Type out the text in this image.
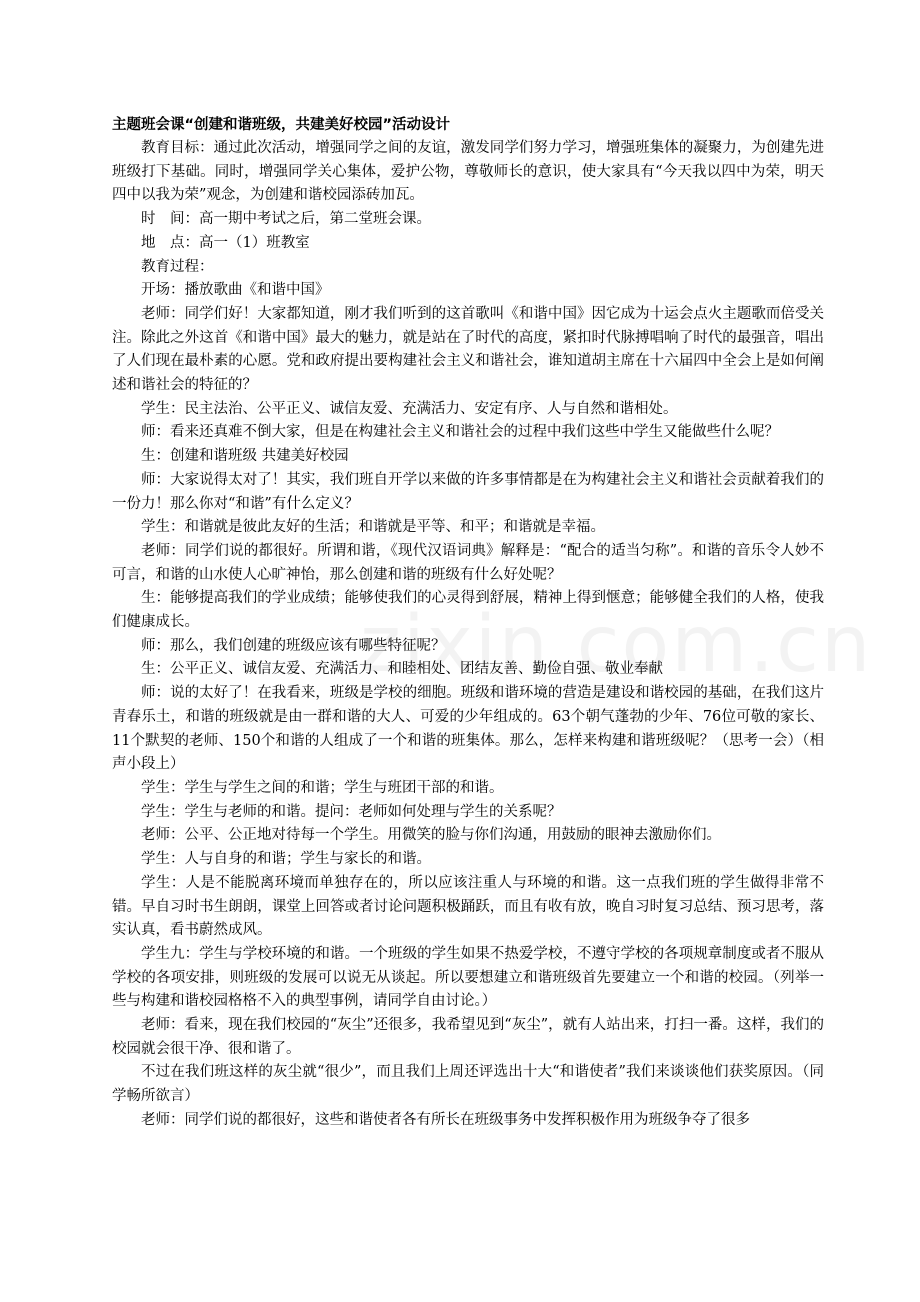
主题班会课“创建和谐班级，共建美好校园”活动设计

教育目标：通过此次活动，增强同学之间的友谊，激发同学们努力学习，增强班集体的凝聚力，为创建先进班级打下基础。同时，增强同学关心集体，爱护公物，尊敬师长的意识，使大家具有“今天我以四中为荣，明天四中以我为荣”观念，为创建和谐校园添砖加瓦。

时　间：高一期中考试之后，第二堂班会课。

地　点：高一（1）班教室

教育过程：

开场：播放歌曲《和谐中国》

老师：同学们好！大家都知道，刚才我们听到的这首歌叫《和谐中国》因它成为十运会点火主题歌而倍受关注。除此之外这首《和谐中国》最大的魅力，就是站在了时代的高度，紧扣时代脉搏唱响了时代的最强音，唱出了人们现在最朴素的心愿。党和政府提出要构建社会主义和谐社会，谁知道胡主席在十六届四中全会上是如何阐述和谐社会的特征的？

学生：民主法治、公平正义、诚信友爱、充满活力、安定有序、人与自然和谐相处。

师：看来还真难不倒大家，但是在构建社会主义和谐社会的过程中我们这些中学生又能做些什么呢？

生：创建和谐班级 共建美好校园

师：大家说得太对了！其实，我们班自开学以来做的许多事情都是在为构建社会主义和谐社会贡献着我们的一份力！那么你对“和谐”有什么定义？

学生：和谐就是彼此友好的生活；和谐就是平等、和平；和谐就是幸福。

老师：同学们说的都很好。所谓和谐，《现代汉语词典》解释是：“配合的适当匀称”。和谐的音乐令人妙不可言，和谐的山水使人心旷神怡，那么创建和谐的班级有什么好处呢？

生：能够提高我们的学业成绩；能够使我们的心灵得到舒展，精神上得到惬意；能够健全我们的人格，使我们健康成长。

师：那么，我们创建的班级应该有哪些特征呢？

生：公平正义、诚信友爱、充满活力、和睦相处、团结友善、勤俭自强、敬业奉献

师：说的太好了！在我看来，班级是学校的细胞。班级和谐环境的营造是建设和谐校园的基础，在我们这片青春乐土，和谐的班级就是由一群和谐的大人、可爱的少年组成的。63个朝气蓬勃的少年、76位可敬的家长、11个默契的老师、150个和谐的人组成了一个和谐的班集体。那么，怎样来构建和谐班级呢？（思考一会）（相声小段上）

学生：学生与学生之间的和谐；学生与班团干部的和谐。

学生：学生与老师的和谐。提问：老师如何处理与学生的关系呢？

老师：公平、公正地对待每一个学生。用微笑的脸与你们沟通，用鼓励的眼神去激励你们。

学生：人与自身的和谐；学生与家长的和谐。

学生：人是不能脱离环境而单独存在的，所以应该注重人与环境的和谐。这一点我们班的学生做得非常不错。早自习时书生朗朗，课堂上回答或者讨论问题积极踊跃，而且有收有放，晚自习时复习总结、预习思考，落实认真，看书蔚然成风。

学生九：学生与学校环境的和谐。一个班级的学生如果不热爱学校，不遵守学校的各项规章制度或者不服从学校的各项安排，则班级的发展可以说无从谈起。所以要想建立和谐班级首先要建立一个和谐的校园。（列举一些与构建和谐校园格格不入的典型事例，请同学自由讨论。）

老师：看来，现在我们校园的“灰尘”还很多，我希望见到“灰尘”，就有人站出来，打扫一番。这样，我们的校园就会很干净、很和谐了。

不过在我们班这样的灰尘就“很少”，而且我们上周还评选出十大“和谐使者”我们来谈谈他们获奖原因。（同学畅所欲言）

老师：同学们说的都很好，这些和谐使者各有所长在班级事务中发挥积极作用为班级争夺了很多
